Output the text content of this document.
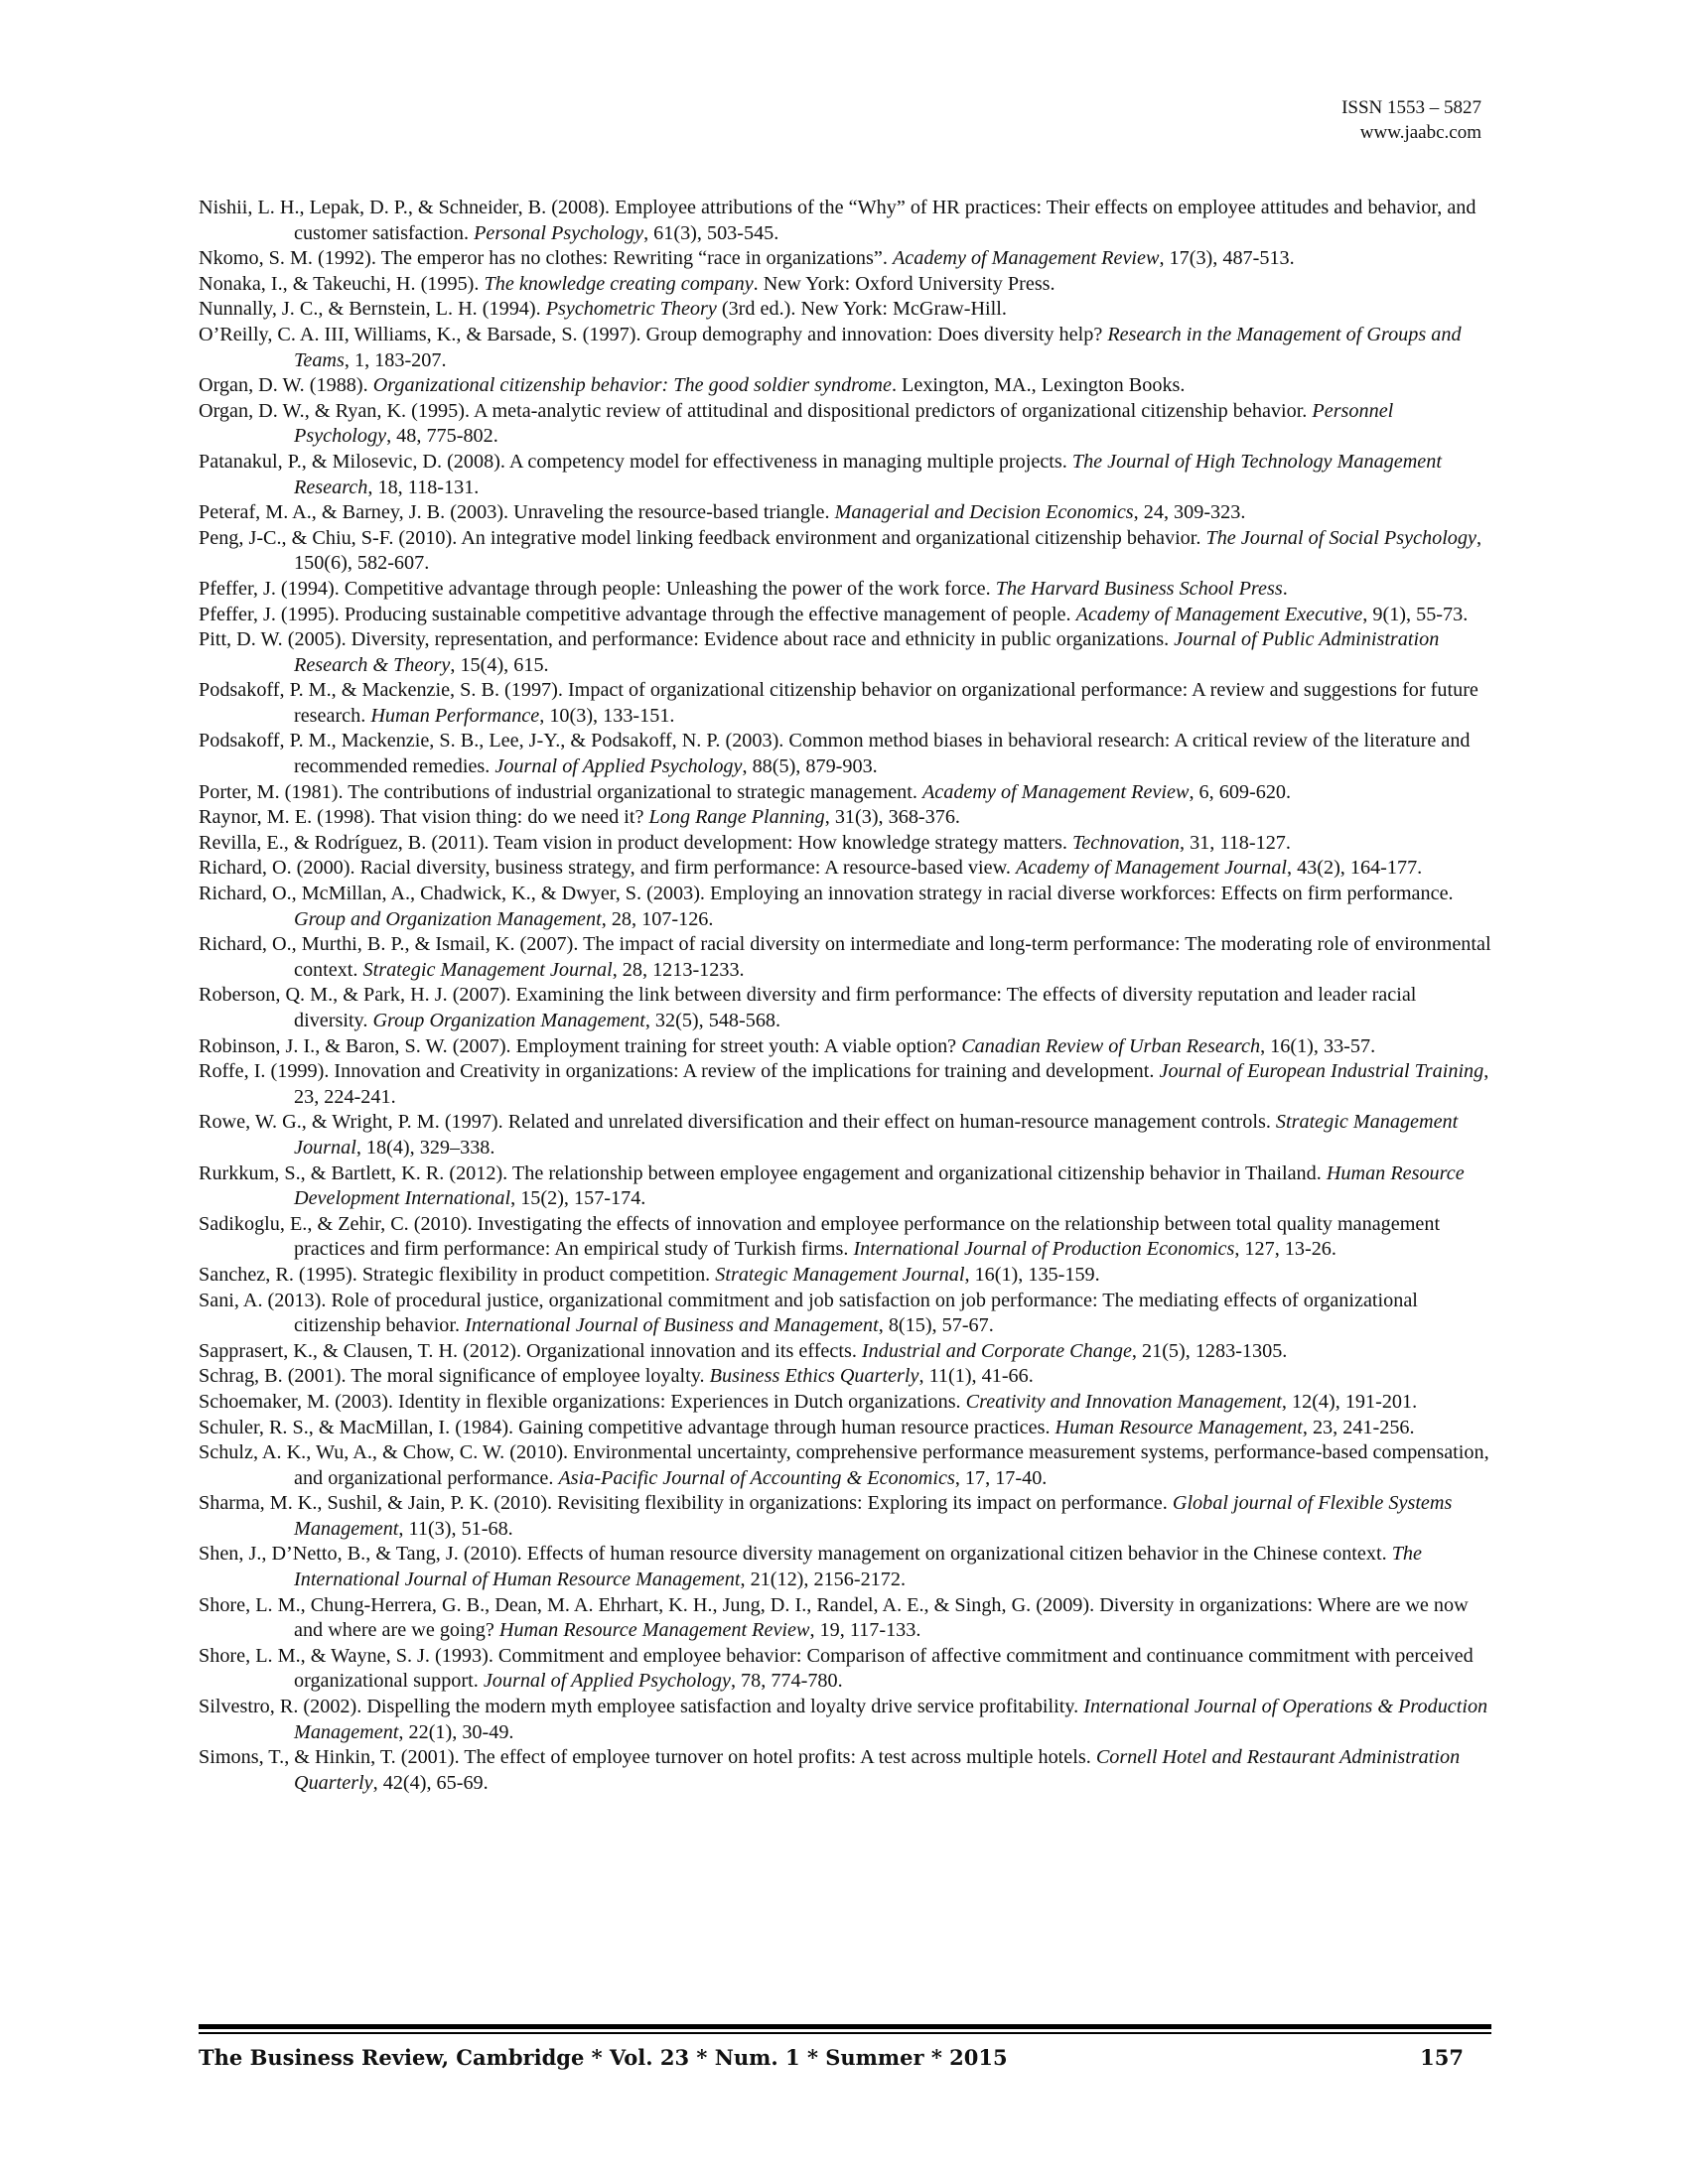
ISSN 1553 – 5827
www.jaabc.com

Nishii, L. H., Lepak, D. P., & Schneider, B. (2008). Employee attributions of the “Why” of HR practices: Their effects on employee attitudes and behavior, and customer satisfaction. Personal Psychology, 61(3), 503-545.

Nkomo, S. M. (1992). The emperor has no clothes: Rewriting “race in organizations”. Academy of Management Review, 17(3), 487-513.

Nonaka, I., & Takeuchi, H. (1995). The knowledge creating company. New York: Oxford University Press.

Nunnally, J. C., & Bernstein, L. H. (1994). Psychometric Theory (3rd ed.). New York: McGraw-Hill.

O’Reilly, C. A. III, Williams, K., & Barsade, S. (1997). Group demography and innovation: Does diversity help? Research in the Management of Groups and Teams, 1, 183-207.

Organ, D. W. (1988). Organizational citizenship behavior: The good soldier syndrome. Lexington, MA., Lexington Books.

Organ, D. W., & Ryan, K. (1995). A meta-analytic review of attitudinal and dispositional predictors of organizational citizenship behavior. Personnel Psychology, 48, 775-802.

Patanakul, P., & Milosevic, D. (2008). A competency model for effectiveness in managing multiple projects. The Journal of High Technology Management Research, 18, 118-131.

Peteraf, M. A., & Barney, J. B. (2003). Unraveling the resource-based triangle. Managerial and Decision Economics, 24, 309-323.

Peng, J-C., & Chiu, S-F. (2010). An integrative model linking feedback environment and organizational citizenship behavior. The Journal of Social Psychology, 150(6), 582-607.

Pfeffer, J. (1994). Competitive advantage through people: Unleashing the power of the work force. The Harvard Business School Press.

Pfeffer, J. (1995). Producing sustainable competitive advantage through the effective management of people. Academy of Management Executive, 9(1), 55-73.

Pitt, D. W. (2005). Diversity, representation, and performance: Evidence about race and ethnicity in public organizations. Journal of Public Administration Research & Theory, 15(4), 615.

Podsakoff, P. M., & Mackenzie, S. B. (1997). Impact of organizational citizenship behavior on organizational performance: A review and suggestions for future research. Human Performance, 10(3), 133-151.

Podsakoff, P. M., Mackenzie, S. B., Lee, J-Y., & Podsakoff, N. P. (2003). Common method biases in behavioral research: A critical review of the literature and recommended remedies. Journal of Applied Psychology, 88(5), 879-903.

Porter, M. (1981). The contributions of industrial organizational to strategic management. Academy of Management Review, 6, 609-620.

Raynor, M. E. (1998). That vision thing: do we need it? Long Range Planning, 31(3), 368-376.

Revilla, E., & Rodríguez, B. (2011). Team vision in product development: How knowledge strategy matters. Technovation, 31, 118-127.

Richard, O. (2000). Racial diversity, business strategy, and firm performance: A resource-based view. Academy of Management Journal, 43(2), 164-177.

Richard, O., McMillan, A., Chadwick, K., & Dwyer, S. (2003). Employing an innovation strategy in racial diverse workforces: Effects on firm performance. Group and Organization Management, 28, 107-126.

Richard, O., Murthi, B. P., & Ismail, K. (2007). The impact of racial diversity on intermediate and long-term performance: The moderating role of environmental context. Strategic Management Journal, 28, 1213-1233.

Roberson, Q. M., & Park, H. J. (2007). Examining the link between diversity and firm performance: The effects of diversity reputation and leader racial diversity. Group Organization Management, 32(5), 548-568.

Robinson, J. I., & Baron, S. W. (2007). Employment training for street youth: A viable option? Canadian Review of Urban Research, 16(1), 33-57.

Roffe, I. (1999). Innovation and Creativity in organizations: A review of the implications for training and development. Journal of European Industrial Training, 23, 224-241.

Rowe, W. G., & Wright, P. M. (1997). Related and unrelated diversification and their effect on human-resource management controls. Strategic Management Journal, 18(4), 329–338.

Rurkkum, S., & Bartlett, K. R. (2012). The relationship between employee engagement and organizational citizenship behavior in Thailand. Human Resource Development International, 15(2), 157-174.

Sadikoglu, E., & Zehir, C. (2010). Investigating the effects of innovation and employee performance on the relationship between total quality management practices and firm performance: An empirical study of Turkish firms. International Journal of Production Economics, 127, 13-26.

Sanchez, R. (1995). Strategic flexibility in product competition. Strategic Management Journal, 16(1), 135-159.

Sani, A. (2013). Role of procedural justice, organizational commitment and job satisfaction on job performance: The mediating effects of organizational citizenship behavior. International Journal of Business and Management, 8(15), 57-67.

Sapprasert, K., & Clausen, T. H. (2012). Organizational innovation and its effects. Industrial and Corporate Change, 21(5), 1283-1305.

Schrag, B. (2001). The moral significance of employee loyalty. Business Ethics Quarterly, 11(1), 41-66.

Schoemaker, M. (2003). Identity in flexible organizations: Experiences in Dutch organizations. Creativity and Innovation Management, 12(4), 191-201.

Schuler, R. S., & MacMillan, I. (1984). Gaining competitive advantage through human resource practices. Human Resource Management, 23, 241-256.

Schulz, A. K., Wu, A., & Chow, C. W. (2010). Environmental uncertainty, comprehensive performance measurement systems, performance-based compensation, and organizational performance. Asia-Pacific Journal of Accounting & Economics, 17, 17-40.

Sharma, M. K., Sushil, & Jain, P. K. (2010). Revisiting flexibility in organizations: Exploring its impact on performance. Global journal of Flexible Systems Management, 11(3), 51-68.

Shen, J., D’Netto, B., & Tang, J. (2010). Effects of human resource diversity management on organizational citizen behavior in the Chinese context. The International Journal of Human Resource Management, 21(12), 2156-2172.

Shore, L. M., Chung-Herrera, G. B., Dean, M. A. Ehrhart, K. H., Jung, D. I., Randel, A. E., & Singh, G. (2009). Diversity in organizations: Where are we now and where are we going? Human Resource Management Review, 19, 117-133.

Shore, L. M., & Wayne, S. J. (1993). Commitment and employee behavior: Comparison of affective commitment and continuance commitment with perceived organizational support. Journal of Applied Psychology, 78, 774-780.

Silvestro, R. (2002). Dispelling the modern myth employee satisfaction and loyalty drive service profitability. International Journal of Operations & Production Management, 22(1), 30-49.

Simons, T., & Hinkin, T. (2001). The effect of employee turnover on hotel profits: A test across multiple hotels. Cornell Hotel and Restaurant Administration Quarterly, 42(4), 65-69.

The Business Review, Cambridge * Vol. 23 * Num. 1 * Summer * 2015	157
